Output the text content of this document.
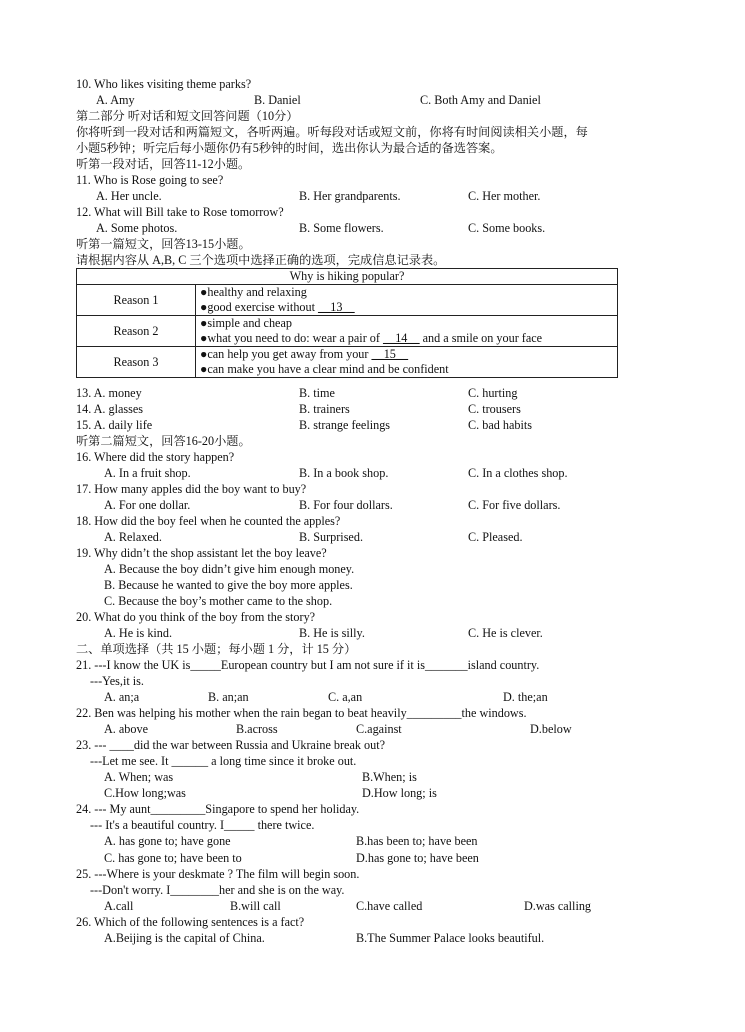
10. Who likes visiting theme parks?
A. Amy	B. Daniel	C. Both Amy and Daniel
第二部分 听对话和短文回答问题（10分）
你将听到一段对话和两篇短文，各听两遍。听每段对话或短文前，你将有时间阅读相关小题，每
小题5秒钟；听完后每小题你仍有5秒钟的时间，选出你认为最合适的备选答案。
听第一段对话，回答11-12小题。
11. Who is Rose going to see?
A. Her uncle.	B. Her grandparents.	C. Her mother.
12. What will Bill take to Rose tomorrow?
A. Some photos.	B. Some flowers.	C. Some books.
听第一篇短文，回答13-15小题。
请根据内容从 A,B, C 三个选项中选择正确的选项，完成信息记录表。
Why is hiking popular?	
Reason 1	●healthy and relaxing
●good exercise without __13__

Reason 2	●simple and cheap
●what you need to do: wear a pair of __14__ and a smile on your face

Reason 3	●can help you get away from your __15__
●can make you have a clear mind and be confident
13. A. money	B. time	C. hurting
14. A. glasses	B. trainers	C. trousers
15. A. daily life	B. strange feelings	C. bad habits
听第二篇短文，回答16-20小题。
16. Where did the story happen?
A. In a fruit shop.	B. In a book shop.	C. In a clothes shop.
17. How many apples did the boy want to buy?
A. For one dollar.	B. For four dollars.	C. For five dollars.
18. How did the boy feel when he counted the apples?
A. Relaxed.	B. Surprised.	C. Pleased.
19. Why didn’t the shop assistant let the boy leave?
A. Because the boy didn’t give him enough money.
B. Because he wanted to give the boy more apples.
C. Because the boy’s mother came to the shop.
20. What do you think of the boy from the story?
A. He is kind.	B. He is silly.	C. He is clever.
二、单项选择（共 15 小题；每小题 1 分，计 15 分）
21. ---I know the UK is_____European country but I am not sure if it is_______island country.
---Yes,it is.
A. an;a	B. an;an	C. a,an	D. the;an
22. Ben was helping his mother when the rain began to beat heavily_________the windows.
A. above	B.across	C.against	D.below
23. --- ____did the war between Russia and Ukraine break out?
---Let me see. It ______ a long time since it broke out.
A. When; was	B.When; is
C.How long;was	D.How long; is
24. --- My aunt_________Singapore to spend her holiday.
--- It's a beautiful country. I_____ there twice.
A. has gone to; have gone	B.has been to; have been
C. has gone to; have been to	D.has gone to; have been
25. ---Where is your deskmate ? The film will begin soon.
---Don't worry. I________her and she is on the way.
A.call	B.will call	C.have called	D.was calling
26. Which of the following sentences is a fact?
A.Beijing is the capital of China.	B.The Summer Palace looks beautiful.
